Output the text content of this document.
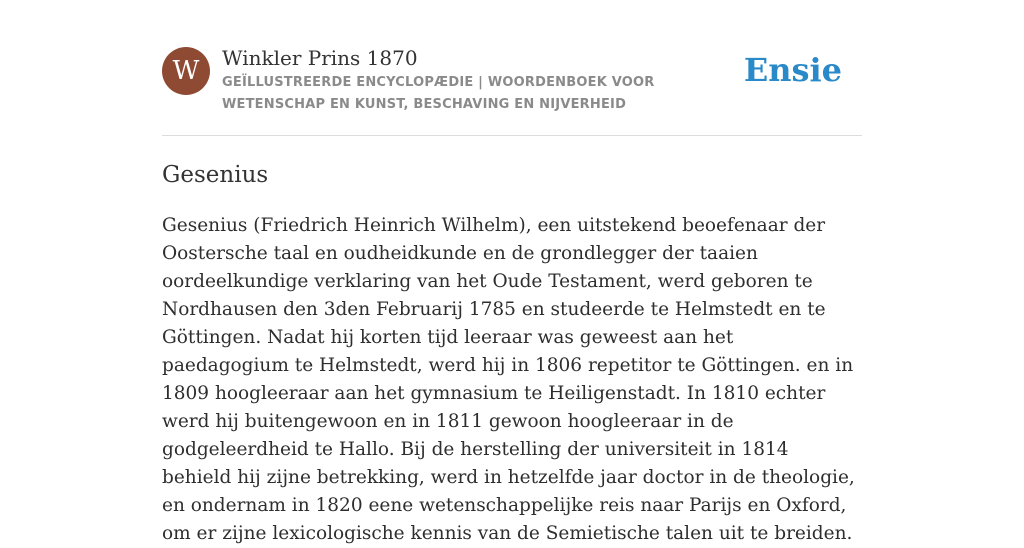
W	Winkler Prins 1870
GEÏLLUSTREERDE ENCYCLOPÆDIE | WOORDENBOEK VOOR WETENSCHAP EN KUNST, BESCHAVING EN NIJVERHEID
Ensie
Gesenius

Gesenius (Friedrich Heinrich Wilhelm), een uitstekend beoefenaar der Oostersche taal en oudheidkunde en de grondlegger der taaien oordeelkundige verklaring van het Oude Testament, werd geboren te Nordhausen den 3den Februarij 1785 en studeerde te Helmstedt en te Göttingen. Nadat hij korten tijd leeraar was geweest aan het paedagogium te Helmstedt, werd hij in 1806 repetitor te Göttingen. en in 1809 hoogleeraar aan het gymnasium te Heiligenstadt. In 1810 echter werd hij buitengewoon en in 1811 gewoon hoogleeraar in de godgeleerdheid te Hallo. Bij de herstelling der universiteit in 1814 behield hij zijne betrekking, werd in hetzelfde jaar doctor in de theologie, en ondernam in 1820 eene wetenschappelijke reis naar Parijs en Oxford, om er zijne lexicologische kennis van de Semietische talen uit te breiden.
